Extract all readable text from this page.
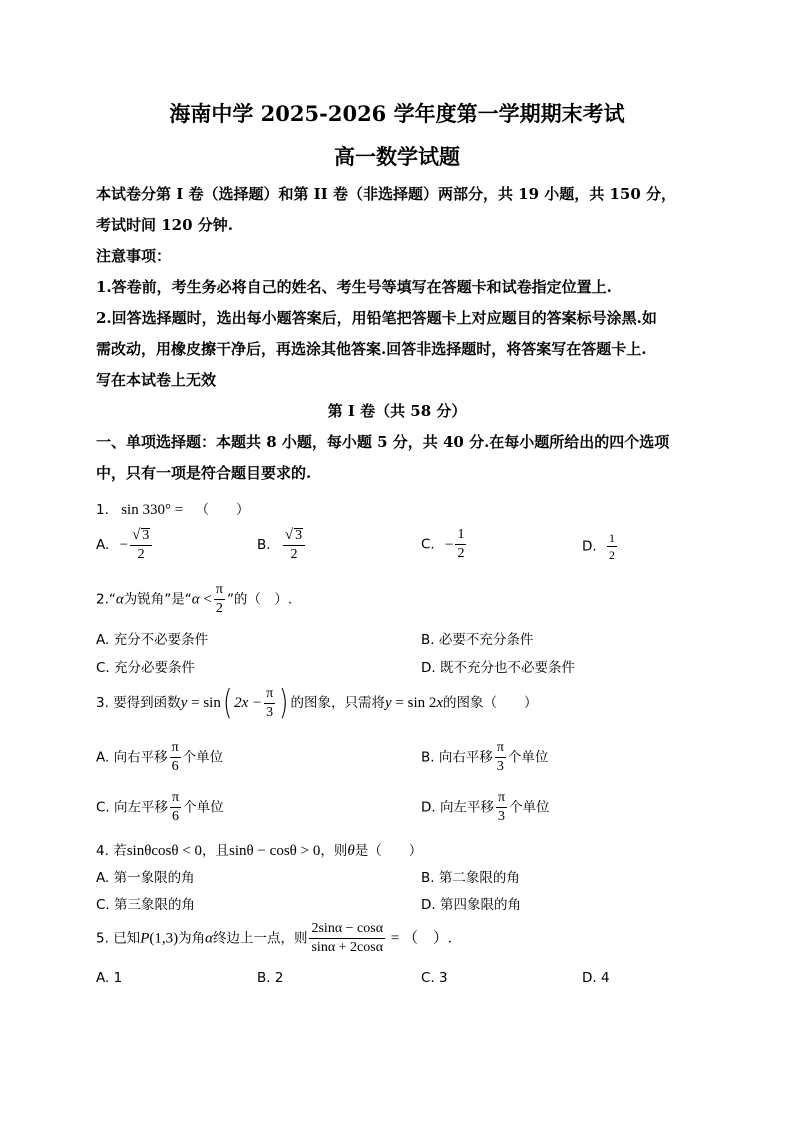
海南中学 2025-2026 学年度第一学期期末考试
高一数学试题
本试卷分第 I 卷（选择题）和第 II 卷（非选择题）两部分，共 19 小题，共 150 分，
考试时间 120 分钟.
注意事项：
1.答卷前，考生务必将自己的姓名、考生号等填写在答题卡和试卷指定位置上.
2.回答选择题时，选出每小题答案后，用铅笔把答题卡上对应题目的答案标号涂黑.如
需改动，用橡皮擦干净后，再选涂其他答案.回答非选择题时，将答案写在答题卡上.
写在本试卷上无效
第 I 卷（共 58 分）
一、单项选择题：本题共 8 小题，每小题 5 分，共 40 分.在每小题所给出的四个选项
中，只有一项是符合题目要求的.
1. sin 330° = （　　）
A. − $\frac{√ 3}{2}$	B. $\frac{√ 3}{2}$	C. − $\frac{1}{2}$	D. $\frac{1}{2}$
2.“α为锐角”是“$\alpha < \frac{\pi}{2}$ ”的（　）.
A. 充分不必要条件	B. 必要不充分条件
C. 充分必要条件	D. 既不充分也不必要条件
3. 要得到函数y = sin( $2x - \frac{\pi}{3}$ ) 的图象，只需将y = sin 2x的图象（　　）
A. 向右平移 $\frac{\pi}{6}$ 个单位	B. 向右平移 $\frac{\pi}{3}$ 个单位
C. 向左平移 $\frac{\pi}{6}$ 个单位	D. 向左平移 $\frac{\pi}{3}$ 个单位
4. 若sinθcosθ < 0，且sinθ − cosθ > 0，则θ是（　　）
A. 第一象限的角	B. 第二象限的角
C. 第三象限的角	D. 第四象限的角
5. 已知P(1,3)为角α终边上一点，则 $\frac{2\sin\alpha - \cos\alpha}{\sin\alpha + 2\cos\alpha}$ = （　）.
A. 1	B. 2	C. 3	D. 4
